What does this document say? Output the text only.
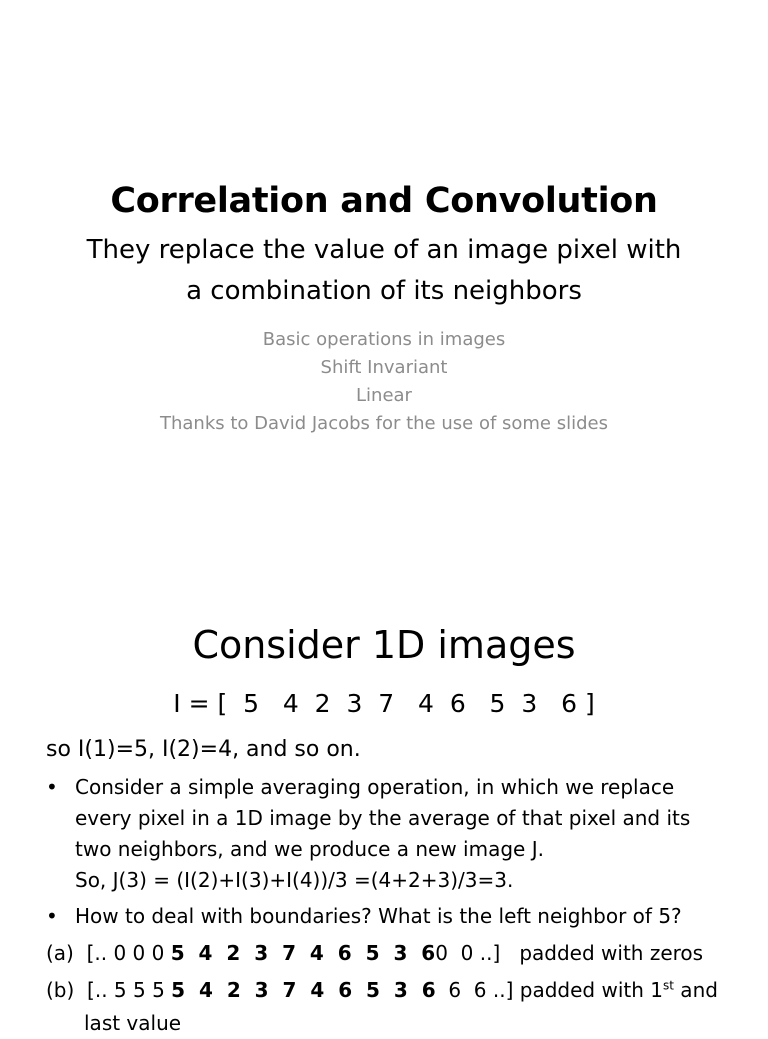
Correlation and Convolution
They replace the value of an image pixel with
a combination of its neighbors
Basic operations in images
Shift Invariant
Linear
Thanks to David Jacobs for the use of some slides
Consider 1D images
I = [  5   4  2  3  7   4  6   5  3   6 ]
so I(1)=5, I(2)=4, and so on.
• Consider a simple averaging operation, in which we replace
every pixel in a 1D image by the average of that pixel and its
two neighbors, and we produce a new image J.
So, J(3) = (I(2)+I(3)+I(4))/3 =(4+2+3)/3=3.
• How to deal with boundaries? What is the left neighbor of 5?
(a) [.. 0 0 0 5  4  2  3  7  4  6  5  3  60  0 ..]   padded with zeros
(b) [.. 5 5 5 5  4  2  3  7  4  6  5  3  6  6  6 ..] padded with 1st and
last value
